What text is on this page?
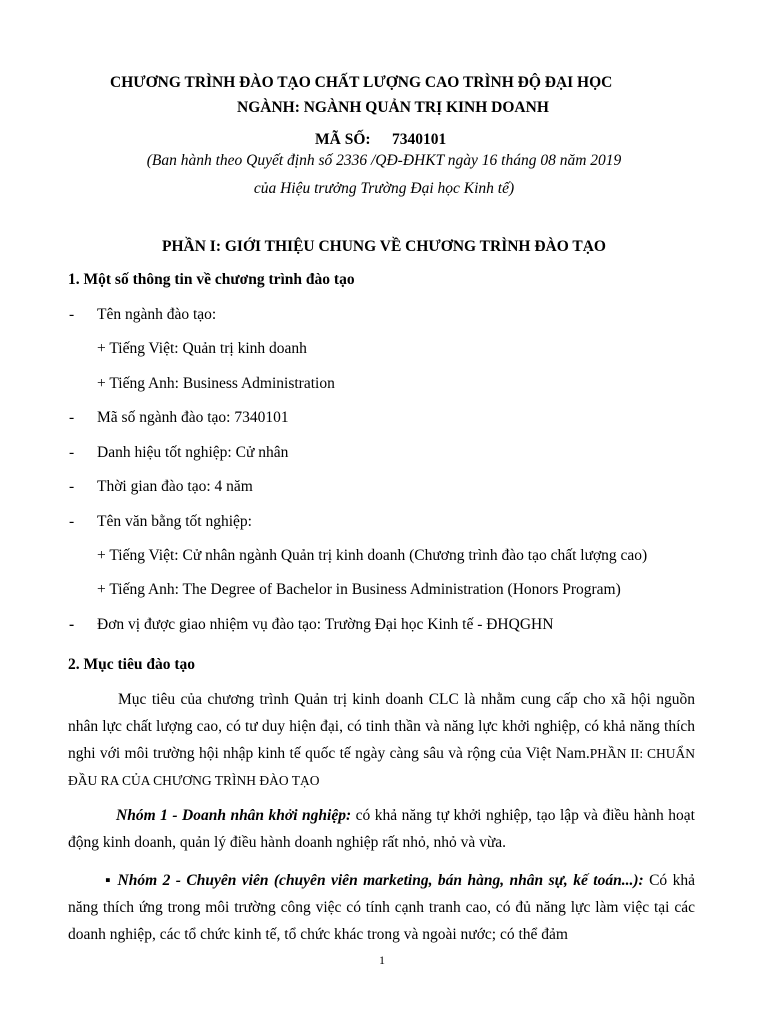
CHƯƠNG TRÌNH ĐÀO TẠO CHẤT LƯỢNG CAO TRÌNH ĐỘ ĐẠI HỌC
NGÀNH: NGÀNH QUẢN TRỊ KINH DOANH
MÃ SỐ: 7340101
(Ban hành theo Quyết định số 2336 /QĐ-ĐHKT ngày 16 tháng 08 năm 2019
của Hiệu trưởng Trường Đại học Kinh tế)
PHẦN I: GIỚI THIỆU CHUNG VỀ CHƯƠNG TRÌNH ĐÀO TẠO
1. Một số thông tin về chương trình đào tạo
- Tên ngành đào tạo:
+ Tiếng Việt: Quản trị kinh doanh
+ Tiếng Anh: Business Administration
- Mã số ngành đào tạo: 7340101
- Danh hiệu tốt nghiệp: Cử nhân
- Thời gian đào tạo: 4 năm
- Tên văn bằng tốt nghiệp:
+ Tiếng Việt: Cử nhân ngành Quản trị kinh doanh (Chương trình đào tạo chất lượng cao)
+ Tiếng Anh: The Degree of Bachelor in Business Administration (Honors Program)
- Đơn vị được giao nhiệm vụ đào tạo: Trường Đại học Kinh tế - ĐHQGHN
2. Mục tiêu đào tạo
Mục tiêu của chương trình Quản trị kinh doanh CLC là nhằm cung cấp cho xã hội nguồn nhân lực chất lượng cao, có tư duy hiện đại, có tinh thần và năng lực khởi nghiệp, có khả năng thích nghi với môi trường hội nhập kinh tế quốc tế ngày càng sâu và rộng của Việt Nam.PHẦN II: CHUẨN ĐẦU RA CỦA CHƯƠNG TRÌNH ĐÀO TẠO
Nhóm 1 - Doanh nhân khởi nghiệp: có khả năng tự khởi nghiệp, tạo lập và điều hành hoạt động kinh doanh, quản lý điều hành doanh nghiệp rất nhỏ, nhỏ và vừa.
▪ Nhóm 2 - Chuyên viên (chuyên viên marketing, bán hàng, nhân sự, kế toán...): Có khả năng thích ứng trong môi trường công việc có tính cạnh tranh cao, có đủ năng lực làm việc tại các doanh nghiệp, các tổ chức kinh tế, tổ chức khác trong và ngoài nước; có thể đảm
1
